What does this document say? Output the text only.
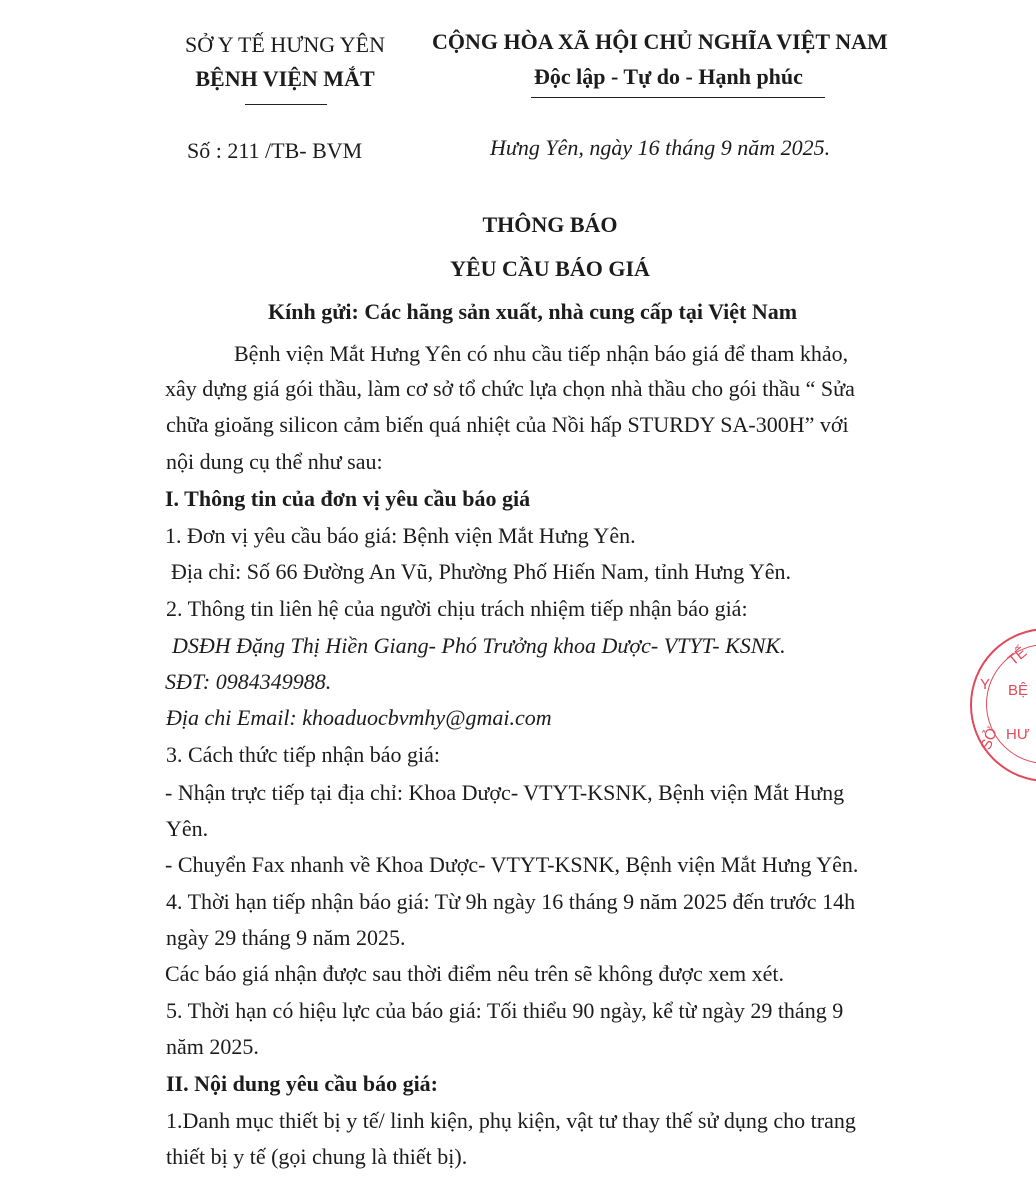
SỞ Y TẾ HƯNG YÊN
BỆNH VIỆN MẮT
CỘNG HÒA XÃ HỘI CHỦ NGHĨA VIỆT NAM
Độc lập - Tự do - Hạnh phúc
Số : 211 /TB- BVM	Hưng Yên, ngày 16 tháng 9 năm 2025.
THÔNG BÁO
YÊU CẦU BÁO GIÁ
Kính gửi: Các hãng sản xuất, nhà cung cấp tại Việt Nam
Bệnh viện Mắt Hưng Yên có nhu cầu tiếp nhận báo giá để tham khảo,
xây dựng giá gói thầu, làm cơ sở tổ chức lựa chọn nhà thầu cho gói thầu “ Sửa
chữa gioăng silicon cảm biến quá nhiệt của Nồi hấp STURDY SA-300H” với
nội dung cụ thể như sau:
I. Thông tin của đơn vị yêu cầu báo giá
1. Đơn vị yêu cầu báo giá: Bệnh viện Mắt Hưng Yên.
Địa chỉ: Số 66 Đường An Vũ, Phường Phố Hiến Nam, tỉnh Hưng Yên.
2. Thông tin liên hệ của người chịu trách nhiệm tiếp nhận báo giá:
DSĐH Đặng Thị Hiền Giang- Phó Trưởng khoa Dược- VTYT- KSNK.
SĐT: 0984349988.
Địa chi Email: khoaduocbvmhy@gmai.com
3. Cách thức tiếp nhận báo giá:
- Nhận trực tiếp tại địa chỉ: Khoa Dược- VTYT-KSNK, Bệnh viện Mắt Hưng
Yên.
- Chuyển Fax nhanh về Khoa Dược- VTYT-KSNK, Bệnh viện Mắt Hưng Yên.
4. Thời hạn tiếp nhận báo giá: Từ 9h ngày 16 tháng 9 năm 2025 đến trước 14h
ngày 29 tháng 9 năm 2025.
Các báo giá nhận được sau thời điểm nêu trên sẽ không được xem xét.
5. Thời hạn có hiệu lực của báo giá: Tối thiểu 90 ngày, kể từ ngày 29 tháng 9
năm 2025.
II. Nội dung yêu cầu báo giá:
1.Danh mục thiết bị y tế/ linh kiện, phụ kiện, vật tư thay thế sử dụng cho trang
thiết bị y tế (gọi chung là thiết bị).
TẾ
Y BỆ
HƯ
SỞ
